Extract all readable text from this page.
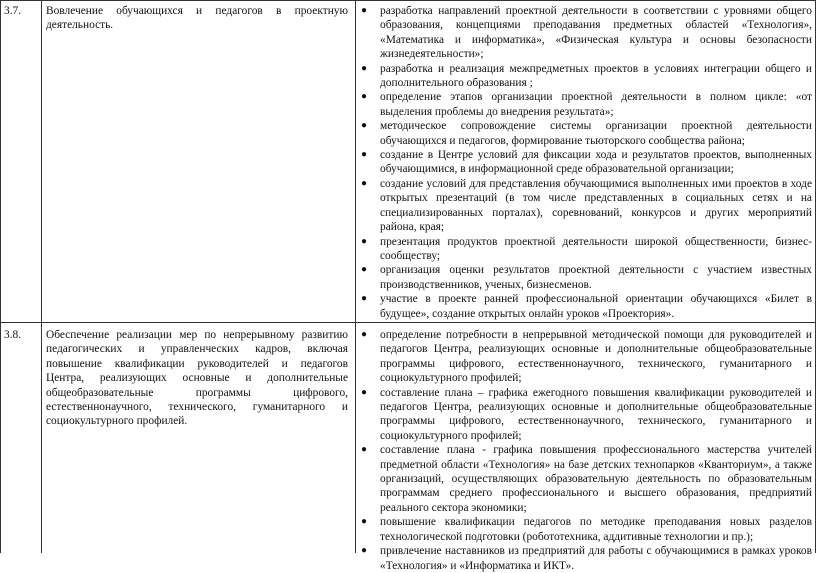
3.7. Вовлечение обучающихся и педагогов в проектную деятельность.
● разработка направлений проектной деятельности в соответствии с уровнями общего образования, концепциями преподавания предметных областей «Технология», «Математика и информатика», «Физическая культура и основы безопасности жизнедеятельности»;
● разработка и реализация межпредметных проектов в условиях интеграции общего и дополнительного образования ;
● определение этапов организации проектной деятельности в полном цикле: «от выделения проблемы до внедрения результата»;
● методическое сопровождение системы организации проектной деятельности обучающихся и педагогов, формирование тьюторского сообщества района;
● создание в Центре условий для фиксации хода и результатов проектов, выполненных обучающимися, в информационной среде образовательной организации;
● создание условий для представления обучающимися выполненных ими проектов в ходе открытых презентаций (в том числе представленных в социальных сетях и на специализированных порталах), соревнований, конкурсов и других мероприятий района, края;
● презентация продуктов проектной деятельности широкой общественности, бизнес-сообществу;
● организация оценки результатов проектной деятельности с участием известных производственников, ученых, бизнесменов.
● участие в проекте ранней профессиональной ориентации обучающихся «Билет в будущее», создание открытых онлайн уроков «Проектория».
3.8. Обеспечение реализации мер по непрерывному развитию педагогических и управленческих кадров, включая повышение квалификации руководителей и педагогов Центра, реализующих основные и дополнительные общеобразовательные программы цифрового, естественнонаучного, технического, гуманитарного и социокультурного профилей.
● определение потребности в непрерывной методической помощи для руководителей и педагогов Центра, реализующих основные и дополнительные общеобразовательные программы цифрового, естественнонаучного, технического, гуманитарного и социокультурного профилей;
● составление плана – графика ежегодного повышения квалификации руководителей и педагогов Центра, реализующих основные и дополнительные общеобразовательные программы цифрового, естественнонаучного, технического, гуманитарного и социокультурного профилей;
● составление плана - графика повышения профессионального мастерства учителей предметной области «Технология» на базе детских технопарков «Кванториум», а также организаций, осуществляющих образовательную деятельность по образовательным программам среднего профессионального и высшего образования, предприятий реального сектора экономики;
● повышение квалификации педагогов по методике преподавания новых разделов технологической подготовки (робототехника, аддитивные технологии и пр.);
● привлечение наставников из предприятий для работы с обучающимися в рамках уроков «Технология» и «Информатика и ИКТ».
